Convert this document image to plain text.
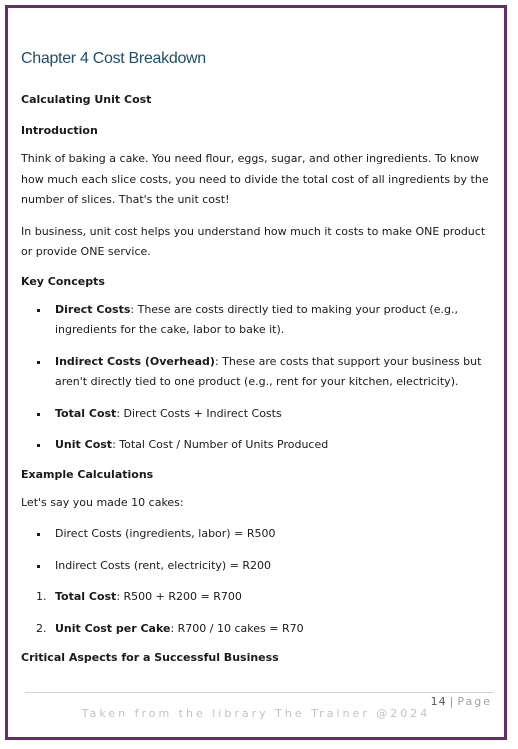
Chapter 4 Cost Breakdown

Calculating Unit Cost

Introduction

Think of baking a cake. You need flour, eggs, sugar, and other ingredients. To know how much each slice costs, you need to divide the total cost of all ingredients by the number of slices. That's the unit cost!

In business, unit cost helps you understand how much it costs to make ONE product or provide ONE service.

Key Concepts

Direct Costs: These are costs directly tied to making your product (e.g., ingredients for the cake, labor to bake it).
Indirect Costs (Overhead): These are costs that support your business but aren't directly tied to one product (e.g., rent for your kitchen, electricity).
Total Cost: Direct Costs + Indirect Costs
Unit Cost: Total Cost / Number of Units Produced

Example Calculations

Let's say you made 10 cakes:

Direct Costs (ingredients, labor) = R500
Indirect Costs (rent, electricity) = R200
1. Total Cost: R500 + R200 = R700
2. Unit Cost per Cake: R700 / 10 cakes = R70

Critical Aspects for a Successful Business

14 | Page
Taken from the library The Trainer @2024
